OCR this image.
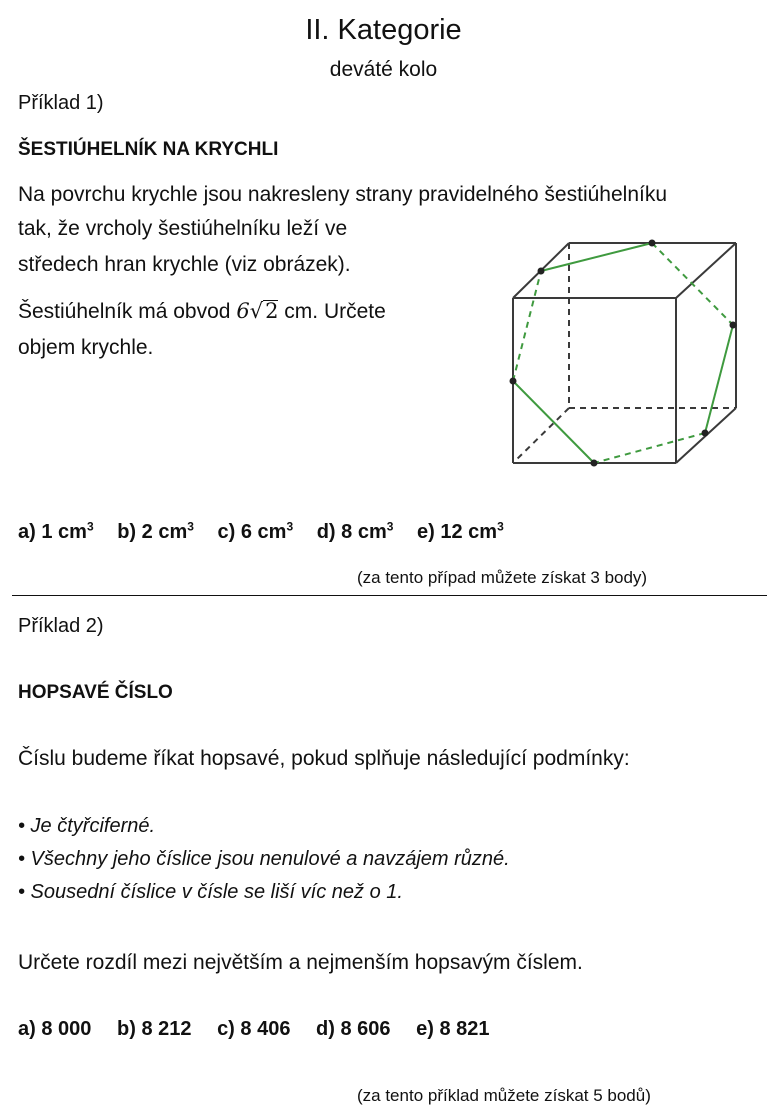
II. Kategorie
deváté kolo
Příklad 1)
ŠESTIÚHELNÍK NA KRYCHLI
Na povrchu krychle jsou nakresleny strany pravidelného šestiúhelníku
tak, že vrcholy šestiúhelníku leží ve
středech hran krychle (viz obrázek).
Šestiúhelník má obvod 6√2 cm. Určete
objem krychle.
a) 1 $cm^3$ b) 2 $cm^3$ c) 6 $cm^3$ d) 8 $cm^3$ e) 12 $cm^3$
(za tento případ můžete získat 3 body)
Příklad 2)
HOPSAVÉ ČÍSLO
Číslu budeme říkat hopsavé, pokud splňuje následující podmínky:
• Je čtyřciferné.
• Všechny jeho číslice jsou nenulové a navzájem různé.
• Sousední číslice v čísle se liší víc než o 1.
Určete rozdíl mezi největším a nejmenším hopsavým číslem.
a) 8 000 b) 8 212 c) 8 406 d) 8 606 e) 8 821
(za tento příklad můžete získat 5 bodů)
